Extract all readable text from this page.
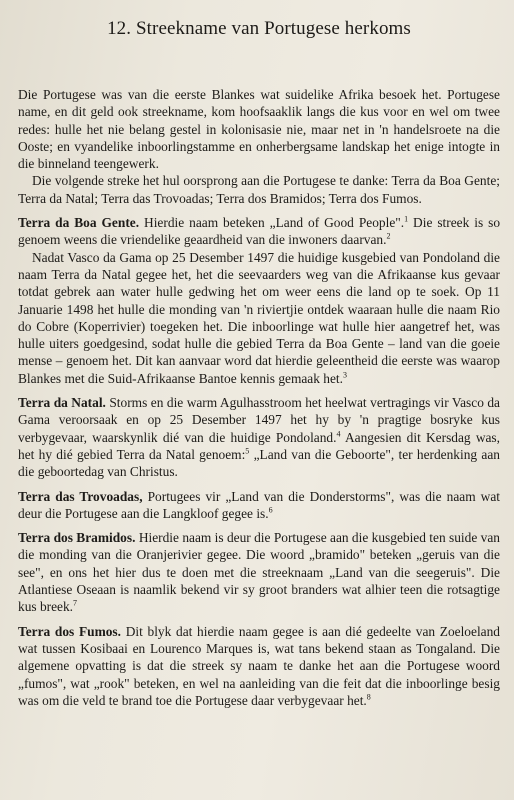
12. Streekname van Portugese herkoms

Die Portugese was van die eerste Blankes wat suidelike Afrika besoek het. Portugese name, en dit geld ook streekname, kom hoofsaaklik langs die kus voor en wel om twee redes: hulle het nie belang gestel in kolonisasie nie, maar net in 'n handelsroete na die Ooste; en vyandelike inboorlingstamme en onherbergsame landskap het enige intogte in die binneland teengewerk.

Die volgende streke het hul oorsprong aan die Portugese te danke: Terra da Boa Gente; Terra da Natal; Terra das Trovoadas; Terra dos Bramidos; Terra dos Fumos.

Terra da Boa Gente. Hierdie naam beteken „Land of Good People".$^1$ Die streek is so genoem weens die vriendelike geaardheid van die inwoners daarvan.$^2$

Nadat Vasco da Gama op 25 Desember 1497 die huidige kusgebied van Pondoland die naam Terra da Natal gegee het, het die seevaarders weg van die Afrikaanse kus gevaar totdat gebrek aan water hulle gedwing het om weer eens die land op te soek. Op 11 Januarie 1498 het hulle die monding van 'n riviertjie ontdek waaraan hulle die naam Rio do Cobre (Koperrivier) toegeken het. Die inboorlinge wat hulle hier aangetref het, was hulle uiters goedgesind, sodat hulle die gebied Terra da Boa Gente – land van die goeie mense – genoem het. Dit kan aanvaar word dat hierdie geleentheid die eerste was waarop Blankes met die Suid-Afrikaanse Bantoe kennis gemaak het.$^3$

Terra da Natal. Storms en die warm Agulhasstroom het heelwat vertragings vir Vasco da Gama veroorsaak en op 25 Desember 1497 het hy by 'n pragtige bosryke kus verbygevaar, waarskynlik dié van die huidige Pondoland.$^4$ Aangesien dit Kersdag was, het hy dié gebied Terra da Natal genoem:$^5$ „Land van die Geboorte", ter herdenking aan die geboortedag van Christus.

Terra das Trovoadas, Portugees vir „Land van die Donderstorms", was die naam wat deur die Portugese aan die Langkloof gegee is.$^6$

Terra dos Bramidos. Hierdie naam is deur die Portugese aan die kusgebied ten suide van die monding van die Oranjerivier gegee. Die woord „bramido" beteken „geruis van die see", en ons het hier dus te doen met die streeknaam „Land van die seegeruis". Die Atlantiese Oseaan is naamlik bekend vir sy groot branders wat alhier teen die rotsagtige kus breek.$^7$

Terra dos Fumos. Dit blyk dat hierdie naam gegee is aan dié gedeelte van Zoeloeland wat tussen Kosibaai en Lourenco Marques is, wat tans bekend staan as Tongaland. Die algemene opvatting is dat die streek sy naam te danke het aan die Portugese woord „fumos", wat „rook" beteken, en wel na aanleiding van die feit dat die inboorlinge besig was om die veld te brand toe die Portugese daar verbygevaar het.$^8$
